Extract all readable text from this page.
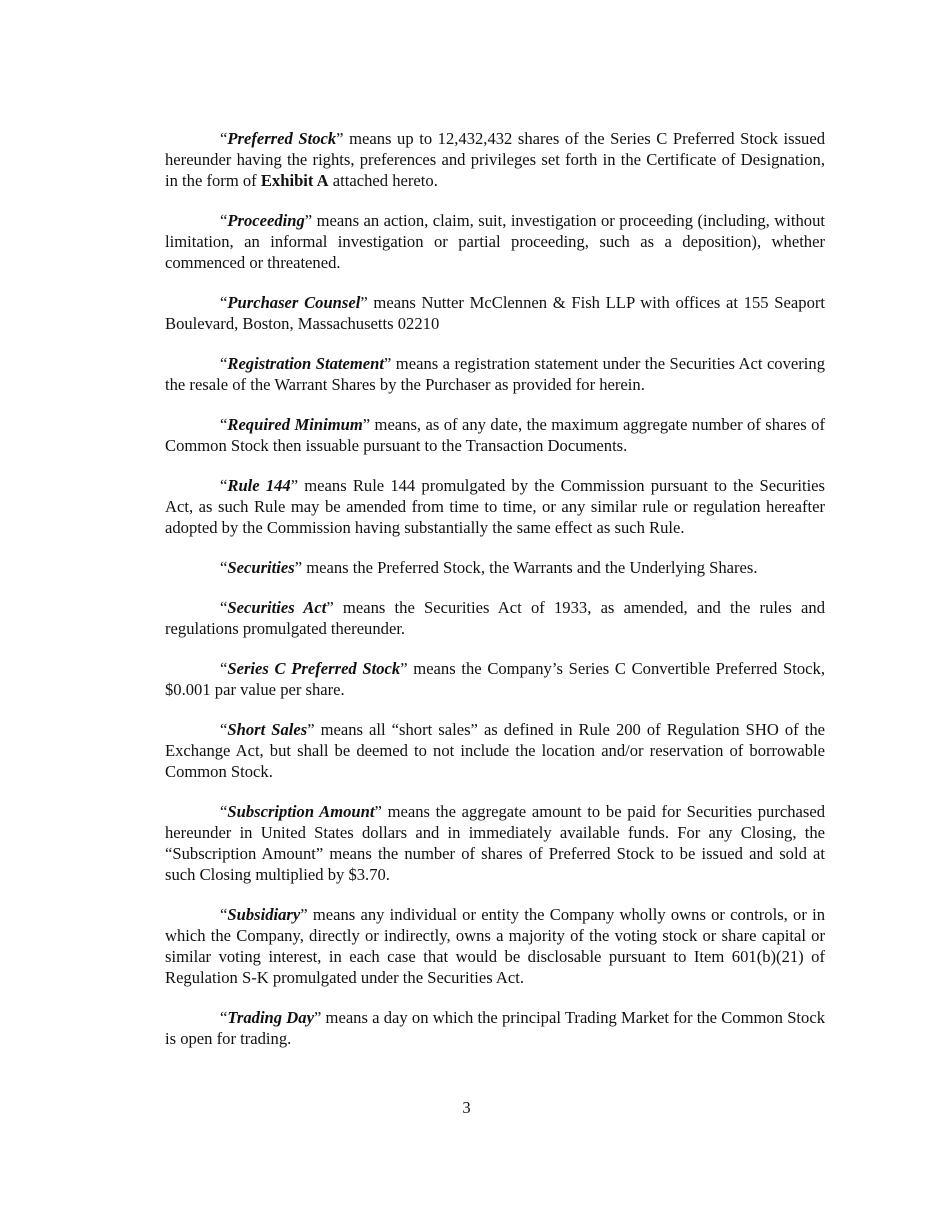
“Preferred Stock” means up to 12,432,432 shares of the Series C Preferred Stock issued hereunder having the rights, preferences and privileges set forth in the Certificate of Designation, in the form of Exhibit A attached hereto.

“Proceeding” means an action, claim, suit, investigation or proceeding (including, without limitation, an informal investigation or partial proceeding, such as a deposition), whether commenced or threatened.

“Purchaser Counsel” means Nutter McClennen & Fish LLP with offices at 155 Seaport Boulevard, Boston, Massachusetts 02210

“Registration Statement” means a registration statement under the Securities Act covering the resale of the Warrant Shares by the Purchaser as provided for herein.

“Required Minimum” means, as of any date, the maximum aggregate number of shares of Common Stock then issuable pursuant to the Transaction Documents.

“Rule 144” means Rule 144 promulgated by the Commission pursuant to the Securities Act, as such Rule may be amended from time to time, or any similar rule or regulation hereafter adopted by the Commission having substantially the same effect as such Rule.

“Securities” means the Preferred Stock, the Warrants and the Underlying Shares.

“Securities Act” means the Securities Act of 1933, as amended, and the rules and regulations promulgated thereunder.

“Series C Preferred Stock” means the Company’s Series C Convertible Preferred Stock, $0.001 par value per share.

“Short Sales” means all “short sales” as defined in Rule 200 of Regulation SHO of the Exchange Act, but shall be deemed to not include the location and/or reservation of borrowable Common Stock.

“Subscription Amount” means the aggregate amount to be paid for Securities purchased hereunder in United States dollars and in immediately available funds. For any Closing, the “Subscription Amount” means the number of shares of Preferred Stock to be issued and sold at such Closing multiplied by $3.70.

“Subsidiary” means any individual or entity the Company wholly owns or controls, or in which the Company, directly or indirectly, owns a majority of the voting stock or share capital or similar voting interest, in each case that would be disclosable pursuant to Item 601(b)(21) of Regulation S-K promulgated under the Securities Act.

“Trading Day” means a day on which the principal Trading Market for the Common Stock is open for trading.

3
